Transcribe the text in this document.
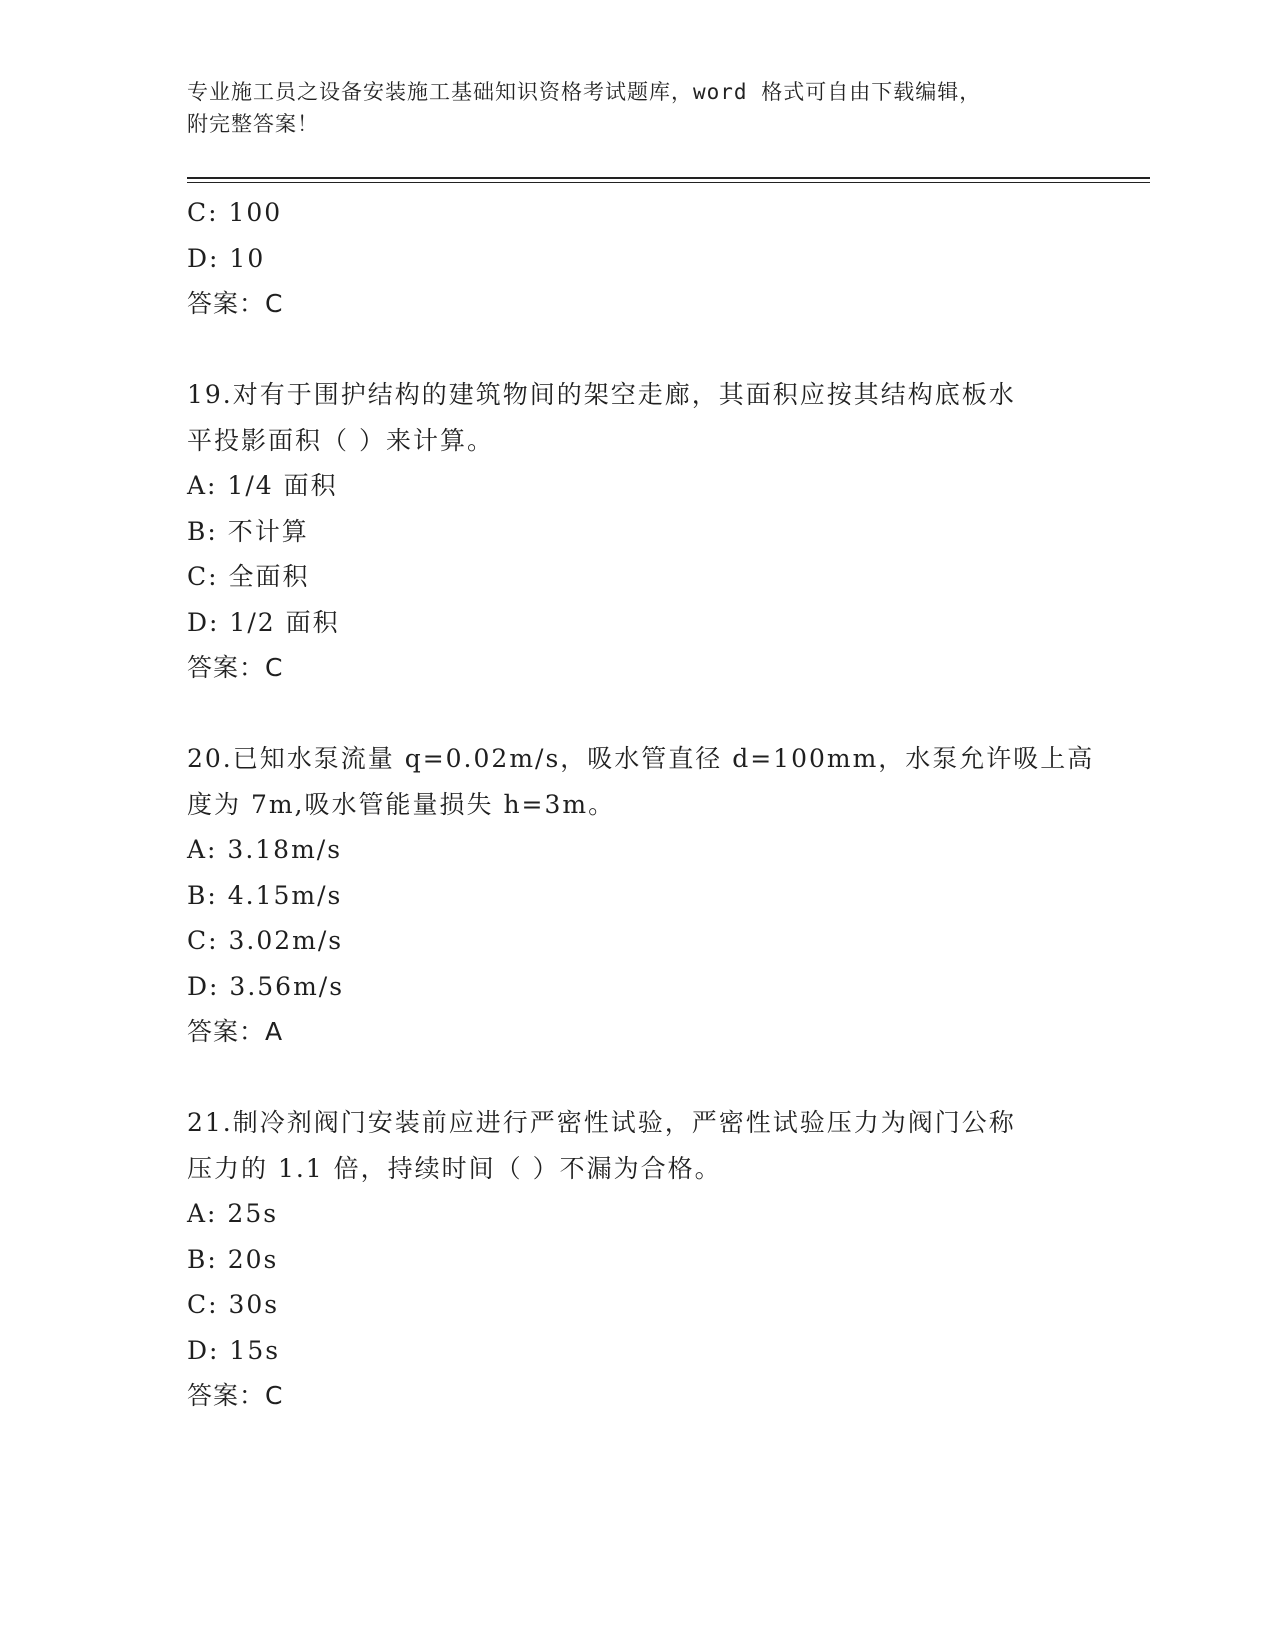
专业施工员之设备安装施工基础知识资格考试题库，word 格式可自由下载编辑，

附完整答案！

C: 100
D: 10
答案：C
19.对有于围护结构的建筑物间的架空走廊，其面积应按其结构底板水
平投影面积（ ）来计算。
A: 1/4 面积
B: 不计算
C: 全面积
D: 1/2 面积
答案：C
20.已知水泵流量 q=0.02m/s，吸水管直径 d=100mm，水泵允许吸上高
度为 7m,吸水管能量损失 h=3m。
A: 3.18m/s
B: 4.15m/s
C: 3.02m/s
D: 3.56m/s
答案：A
21.制冷剂阀门安装前应进行严密性试验，严密性试验压力为阀门公称
压力的 1.1 倍，持续时间（ ）不漏为合格。
A: 25s
B: 20s
C: 30s
D: 15s
答案：C
